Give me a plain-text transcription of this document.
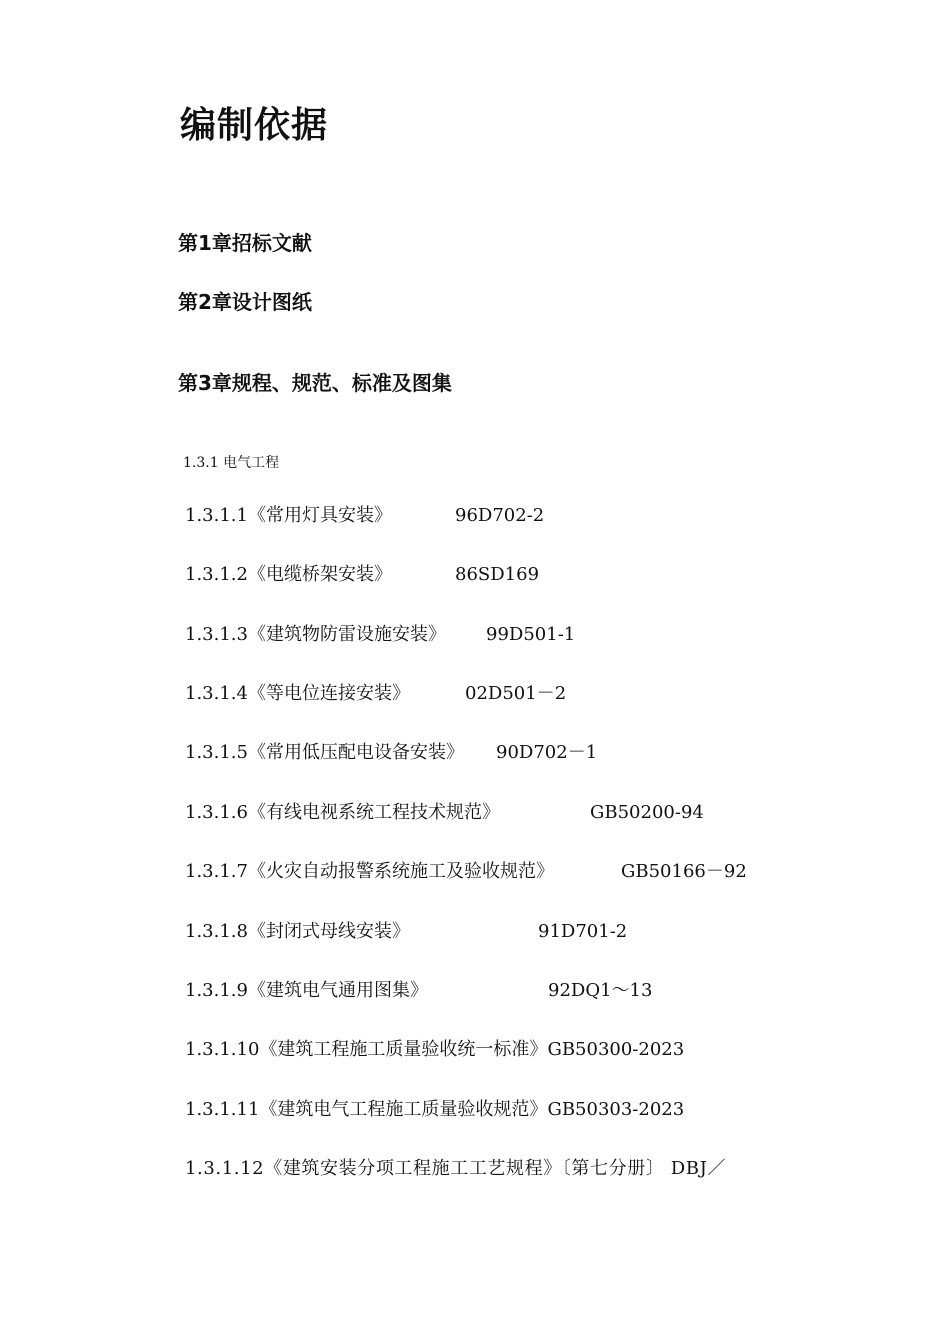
编制依据
第1章招标文献
第2章设计图纸
第3章规程、规范、标准及图集
1.3.1 电气工程
1.3.1.1《常用灯具安装》	96D702-2
1.3.1.2《电缆桥架安装》	86SD169
1.3.1.3《建筑物防雷设施安装》 99D501-1
1.3.1.4《等电位连接安装》	02D501－2
1.3.1.5《常用低压配电设备安装》 90D702－1
1.3.1.6《有线电视系统工程技术规范》	GB50200-94
1.3.1.7《火灾自动报警系统施工及验收规范》	GB50166－92
1.3.1.8《封闭式母线安装》	91D701-2
1.3.1.9《建筑电气通用图集》	92DQ1～13
1.3.1.10《建筑工程施工质量验收统一标准》GB50300-2023
1.3.1.11《建筑电气工程施工质量验收规范》GB50303-2023
1.3.1.12《建筑安装分项工程施工工艺规程》〔第七分册〕 DBJ／
